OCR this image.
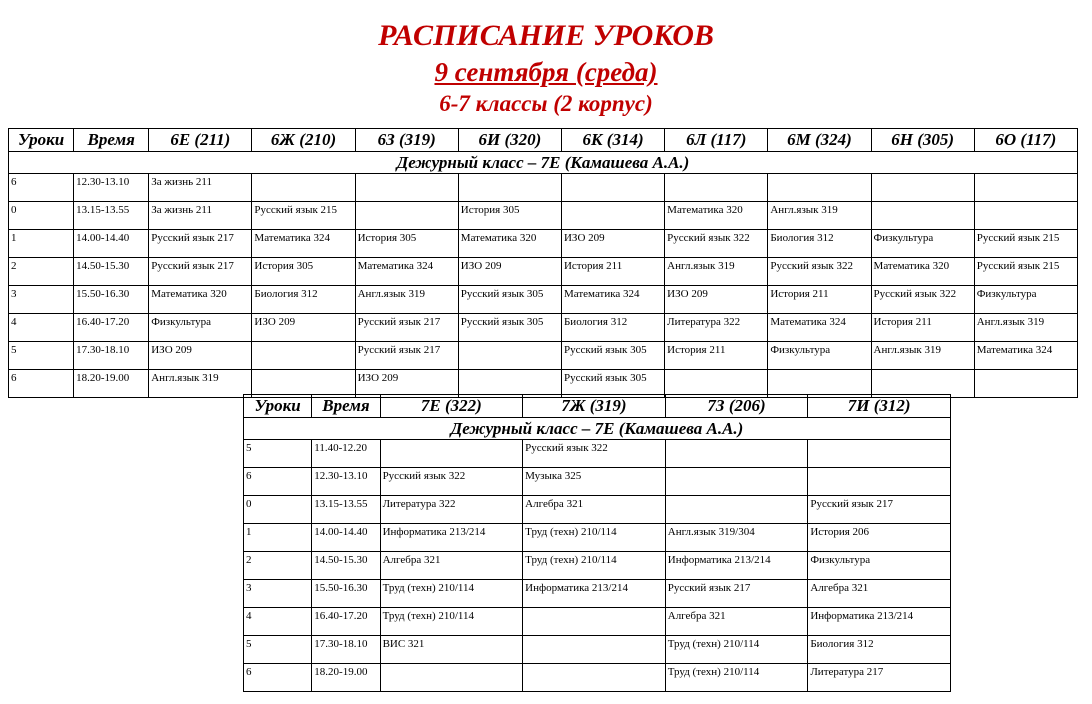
РАСПИСАНИЕ УРОКОВ
9 сентября (среда)
6-7 классы (2 корпус)
Уроки	Время	6Е (211)	6Ж (210)	6З (319)	6И (320)	6К (314)	6Л (117)	6М (324)	6Н (305)	6О (117)
Дежурный класс – 7Е (Камашева А.А.)										
6	12.30-13.10	За жизнь 211								
0	13.15-13.55	За жизнь 211	Русский язык 215		История 305		Математика 320	Англ.язык 319		
1	14.00-14.40	Русский язык 217	Математика 324	История 305	Математика 320	ИЗО 209	Русский язык 322	Биология 312	Физкультура	Русский язык 215
2	14.50-15.30	Русский язык 217	История 305	Математика 324	ИЗО 209	История 211	Англ.язык 319	Русский язык 322	Математика 320	Русский язык 215
3	15.50-16.30	Математика 320	Биология 312	Англ.язык 319	Русский язык 305	Математика 324	ИЗО 209	История 211	Русский язык 322	Физкультура
4	16.40-17.20	Физкультура	ИЗО 209	Русский язык 217	Русский язык 305	Биология 312	Литература 322	Математика 324	История 211	Англ.язык 319
5	17.30-18.10	ИЗО 209		Русский язык 217		Русский язык 305	История 211	Физкультура	Англ.язык 319	Математика 324
6	18.20-19.00	Англ.язык 319		ИЗО 209		Русский язык 305				
Уроки	Время	7Е (322)	7Ж (319)	7З (206)	7И (312)
Дежурный класс – 7Е (Камашева А.А.)					
5	11.40-12.20		Русский язык 322		
6	12.30-13.10	Русский язык 322	Музыка 325		
0	13.15-13.55	Литература 322	Алгебра 321		Русский язык 217
1	14.00-14.40	Информатика 213/214	Труд (техн) 210/114	Англ.язык 319/304	История 206
2	14.50-15.30	Алгебра 321	Труд (техн) 210/114	Информатика 213/214	Физкультура
3	15.50-16.30	Труд (техн) 210/114	Информатика 213/214	Русский язык 217	Алгебра 321
4	16.40-17.20	Труд (техн) 210/114		Алгебра 321	Информатика 213/214
5	17.30-18.10	ВИС 321		Труд (техн) 210/114	Биология 312
6	18.20-19.00			Труд (техн) 210/114	Литература 217
